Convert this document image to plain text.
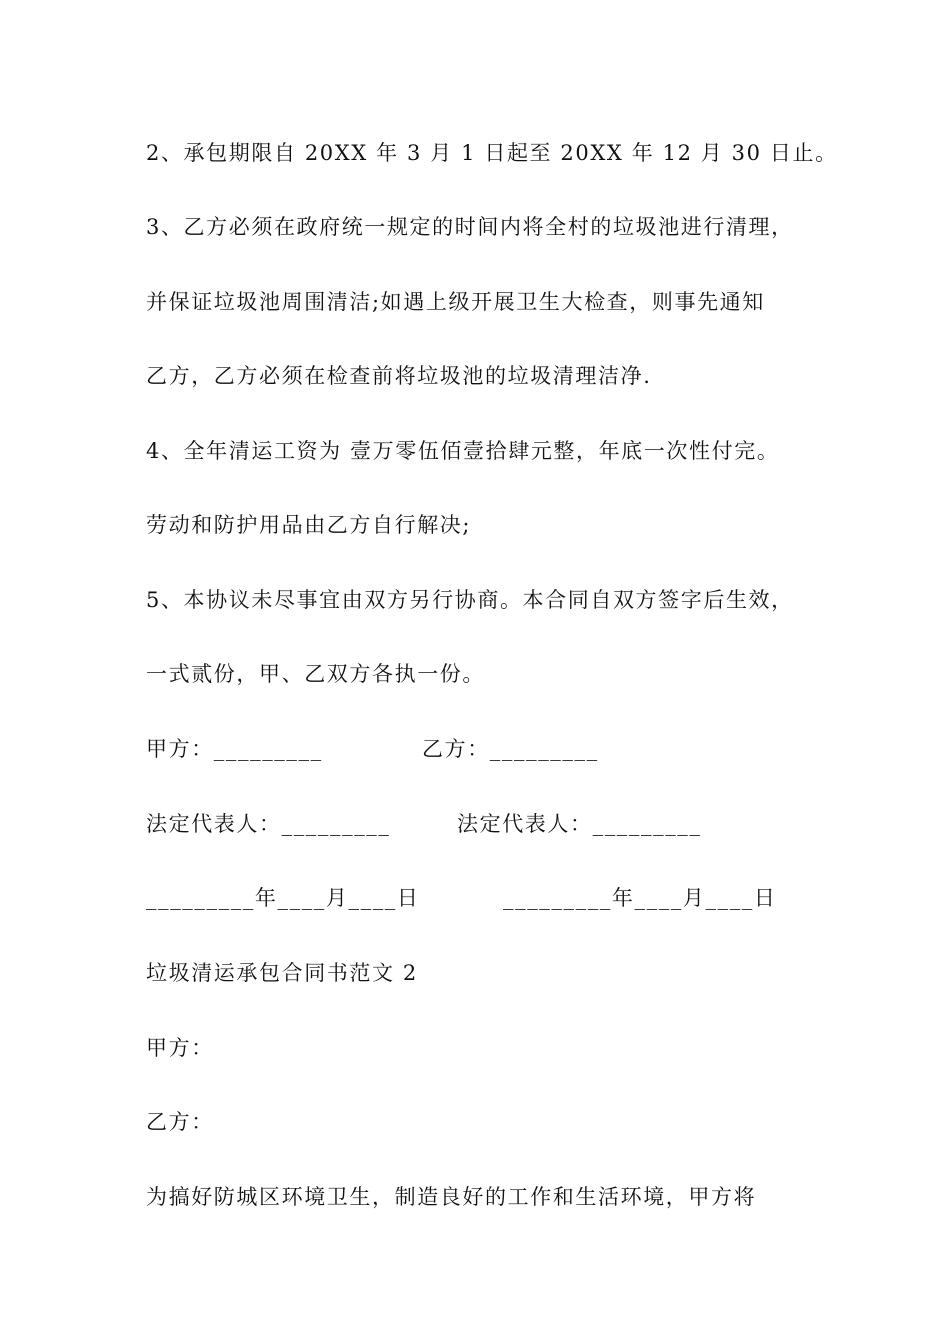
2、承包期限自 20XX 年 3 月 1 日起至 20XX 年 12 月 30 日止。
3、乙方必须在政府统一规定的时间内将全村的垃圾池进行清理，
并保证垃圾池周围清洁;如遇上级开展卫生大检查，则事先通知
乙方，乙方必须在检查前将垃圾池的垃圾清理洁净.
4、全年清运工资为 壹万零伍佰壹拾肆元整，年底一次性付完。
劳动和防护用品由乙方自行解决;
5、本协议未尽事宜由双方另行协商。本合同自双方签字后生效，
一式贰份，甲、乙双方各执一份。
甲方：_________	乙方：_________
法定代表人：_________	法定代表人：_________
_________年____月____日	_________年____月____日
垃圾清运承包合同书范文 2
甲方：
乙方：
为搞好防城区环境卫生，制造良好的工作和生活环境，甲方将
